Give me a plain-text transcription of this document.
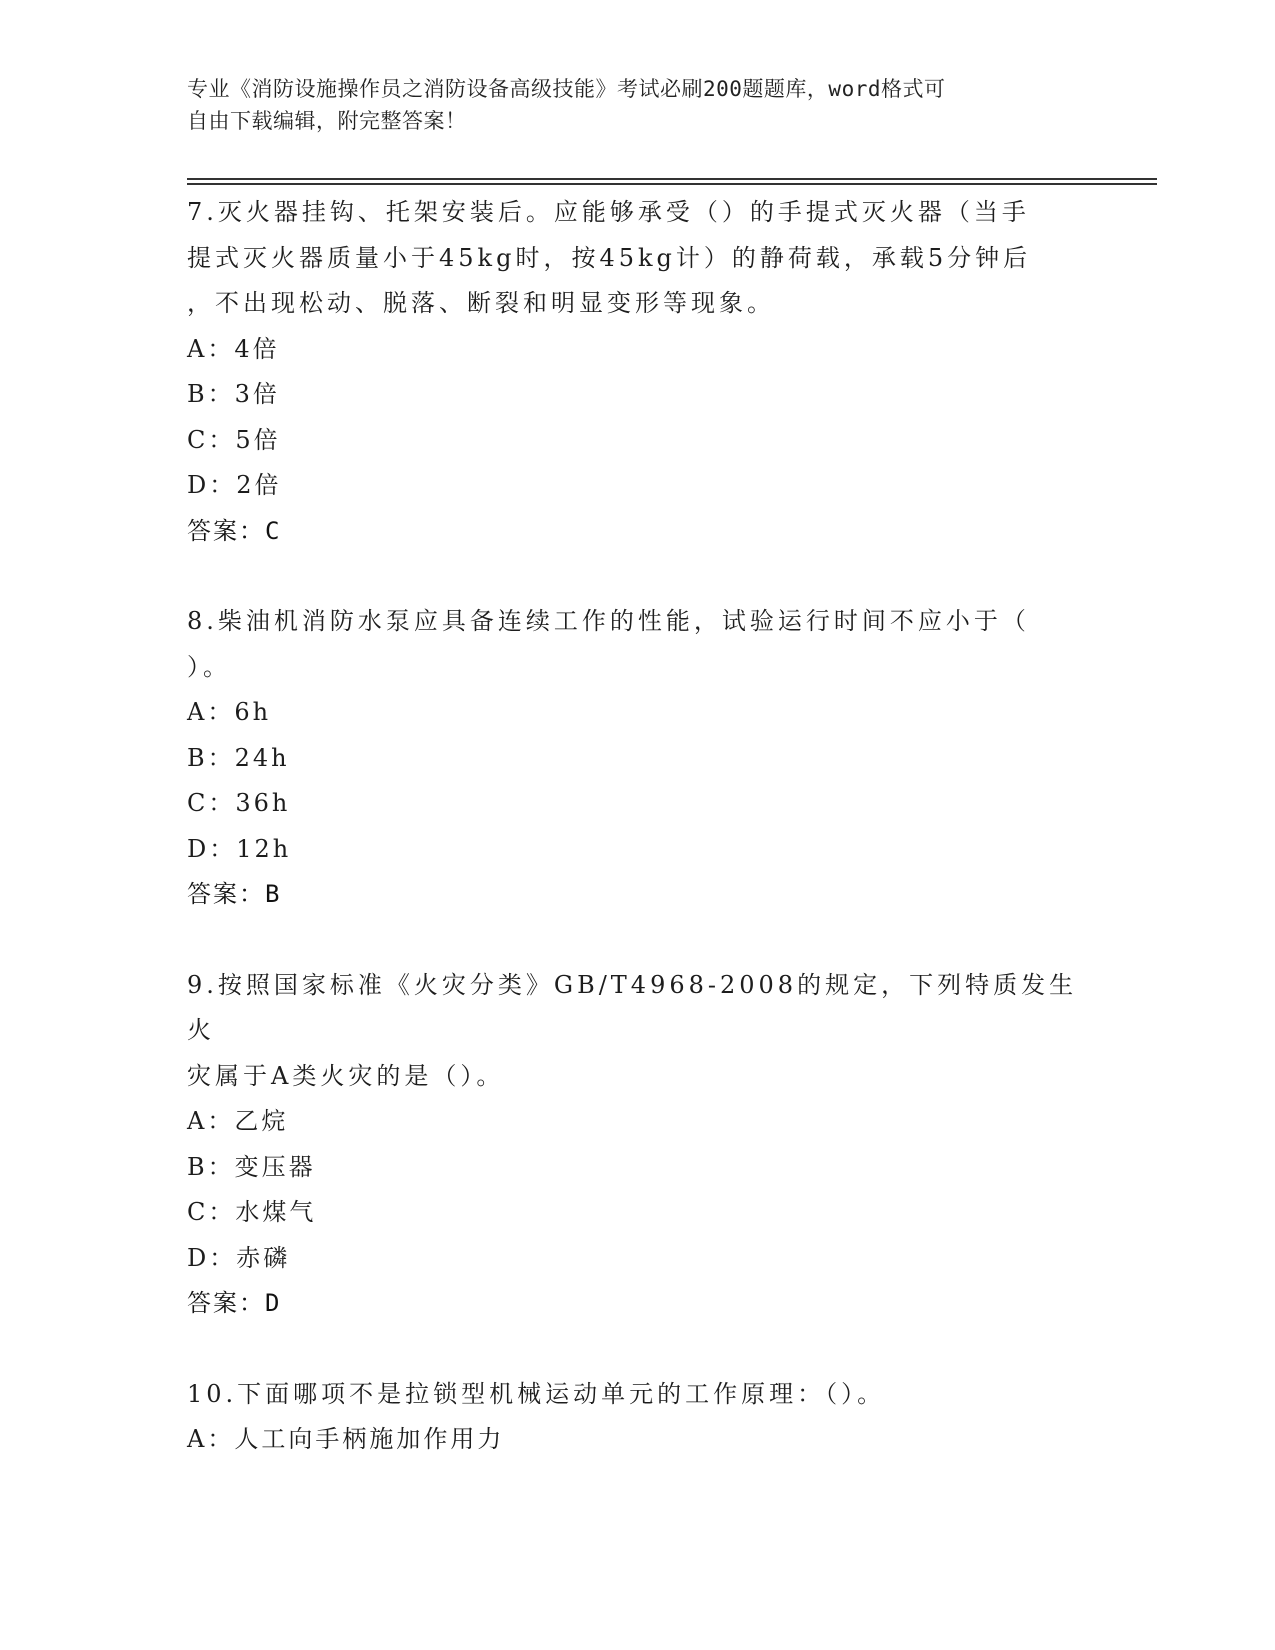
专业《消防设施操作员之消防设备高级技能》考试必刷200题题库，word格式可
自由下载编辑，附完整答案！

7.灭火器挂钩、托架安装后。应能够承受（）的手提式灭火器（当手

提式灭火器质量小于45kg时，按45kg计）的静荷载，承载5分钟后

，不出现松动、脱落、断裂和明显变形等现象。

A：4倍

B：3倍

C：5倍

D：2倍

答案：C

8.柴油机消防水泵应具备连续工作的性能，试验运行时间不应小于（

）。

A：6h

B：24h

C：36h

D：12h

答案：B

9.按照国家标准《火灾分类》GB/T4968-2008的规定，下列特质发生火

灾属于A类火灾的是（）。

A：乙烷

B：变压器

C：水煤气

D：赤磷

答案：D

10.下面哪项不是拉锁型机械运动单元的工作原理：（）。

A：人工向手柄施加作用力
